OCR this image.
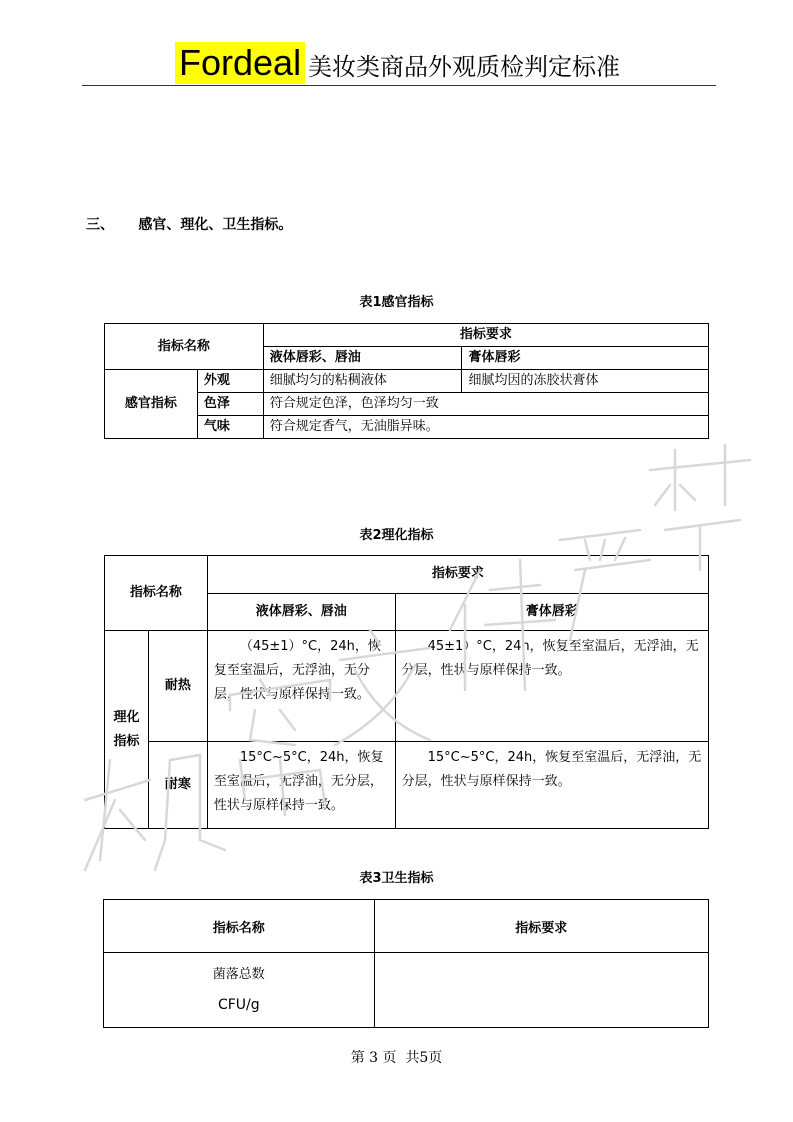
Fordeal 美妆类商品外观质检判定标准
三、 感官、理化、卫生指标。
表1感官指标
指标名称		指标要求	
		液体唇彩、唇油	膏体唇彩
感官指标	外观	细腻均匀的粘稠液体	细腻均因的冻胶状膏体
	色泽	符合规定色泽，色泽均匀一致	
	气味	符合规定香气，无油脂异味。	
表2理化指标
指标名称		指标要求	
		液体唇彩、唇油	膏体唇彩

理化指标	耐热	（45±1）°C，24h，恢复至室温后，无浮油，无分层，性状与原样保持一致。	45±1）°C，24h，恢复至室温后，无浮油，无分层，性状与原样保持一致。
	耐寒	15°C~5°C，24h，恢复至室温后，无浮油，无分层，性状与原样保持一致。	15°C~5°C，24h，恢复至室温后，无浮油，无分层，性状与原样保持一致。
表3卫生指标
指标名称	指标要求

菌落总数
CFU/g	

第 3 页  共5页
